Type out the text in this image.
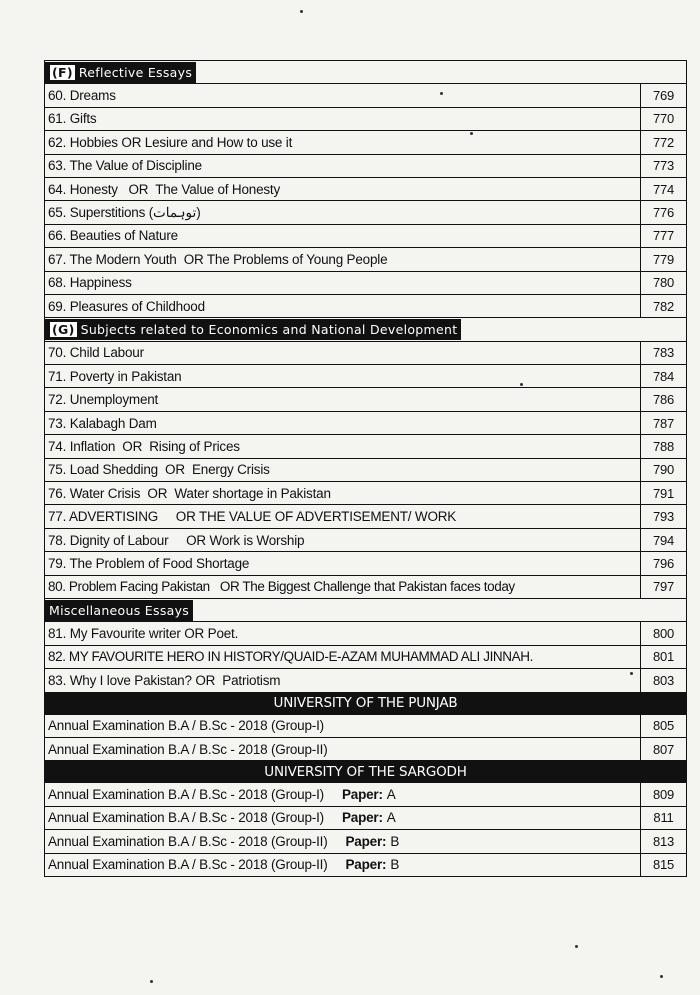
(F) Reflective Essays	
60. Dreams	769
61. Gifts	770
62. Hobbies OR Lesiure and How to use it	772
63. The Value of Discipline	773
64. Honesty   OR  The Value of Honesty	774
65. Superstitions (توہمات)	776
66. Beauties of Nature	777
67. The Modern Youth  OR The Problems of Young People	779
68. Happiness	780
69. Pleasures of Childhood	782
(G) Subjects related to Economics and National Development	
70. Child Labour	783
71. Poverty in Pakistan	784
72. Unemployment	786
73. Kalabagh Dam	787
74. Inflation  OR  Rising of Prices	788
75. Load Shedding  OR  Energy Crisis	790
76. Water Crisis  OR  Water shortage in Pakistan	791
77. ADVERTISING     OR THE VALUE OF ADVERTISEMENT/ WORK	793
78. Dignity of Labour     OR Work is Worship	794
79. The Problem of Food Shortage	796
80. Problem Facing Pakistan   OR The Biggest Challenge that Pakistan faces today	797
Miscellaneous Essays	
81. My Favourite writer OR Poet.	800
82. MY FAVOURITE HERO IN HISTORY/QUAID-E-AZAM MUHAMMAD ALI JINNAH.	801
83. Why I love Pakistan? OR  Patriotism	803
UNIVERSITY OF THE PUNJAB	
Annual Examination B.A / B.Sc - 2018 (Group-I)	805
Annual Examination B.A / B.Sc - 2018 (Group-II)	807
UNIVERSITY OF THE SARGODH	
Annual Examination B.A / B.Sc - 2018 (Group-I) Paper: A	809
Annual Examination B.A / B.Sc - 2018 (Group-I) Paper: A	811
Annual Examination B.A / B.Sc - 2018 (Group-II) Paper: B	813
Annual Examination B.A / B.Sc - 2018 (Group-II) Paper: B	815
